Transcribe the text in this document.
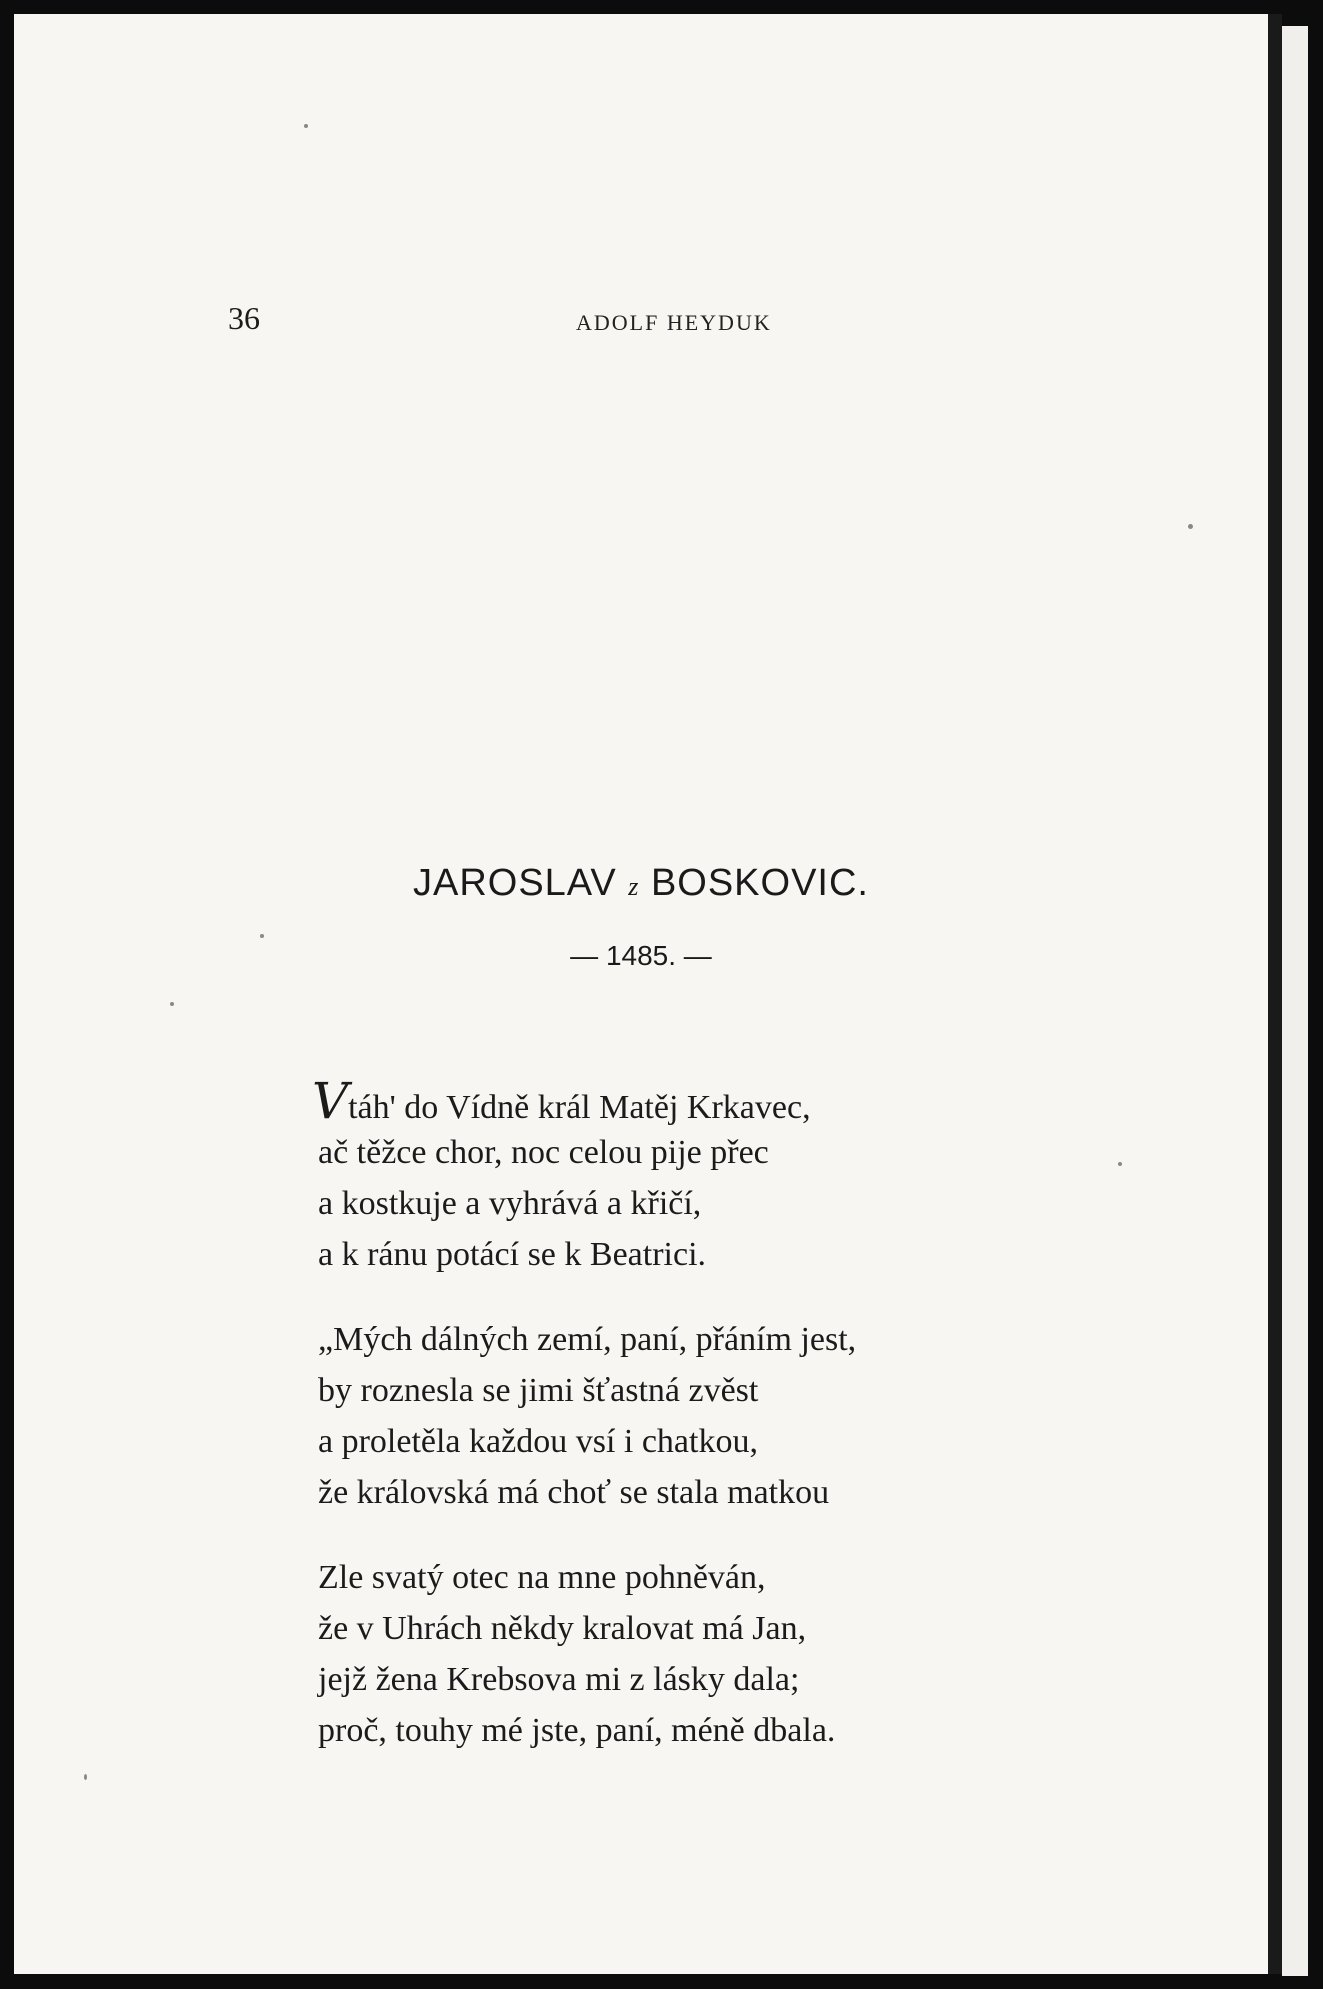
36	ADOLF HEYDUK
JAROSLAV z BOSKOVIC.
— 1485. —
Vtáh' do Vídně král Matěj Krkavec,
ač těžce chor, noc celou pije přec
a kostkuje a vyhrává a křičí,
a k ránu potácí se k Beatrici.
„Mých dálných zemí, paní, přáním jest,
by roznesla se jimi šťastná zvěst
a proletěla každou vsí i chatkou,
že královská má choť se stala matkou
Zle svatý otec na mne pohněván,
že v Uhrách někdy kralovat má Jan,
jejž žena Krebsova mi z lásky dala;
proč, touhy mé jste, paní, méně dbala.
